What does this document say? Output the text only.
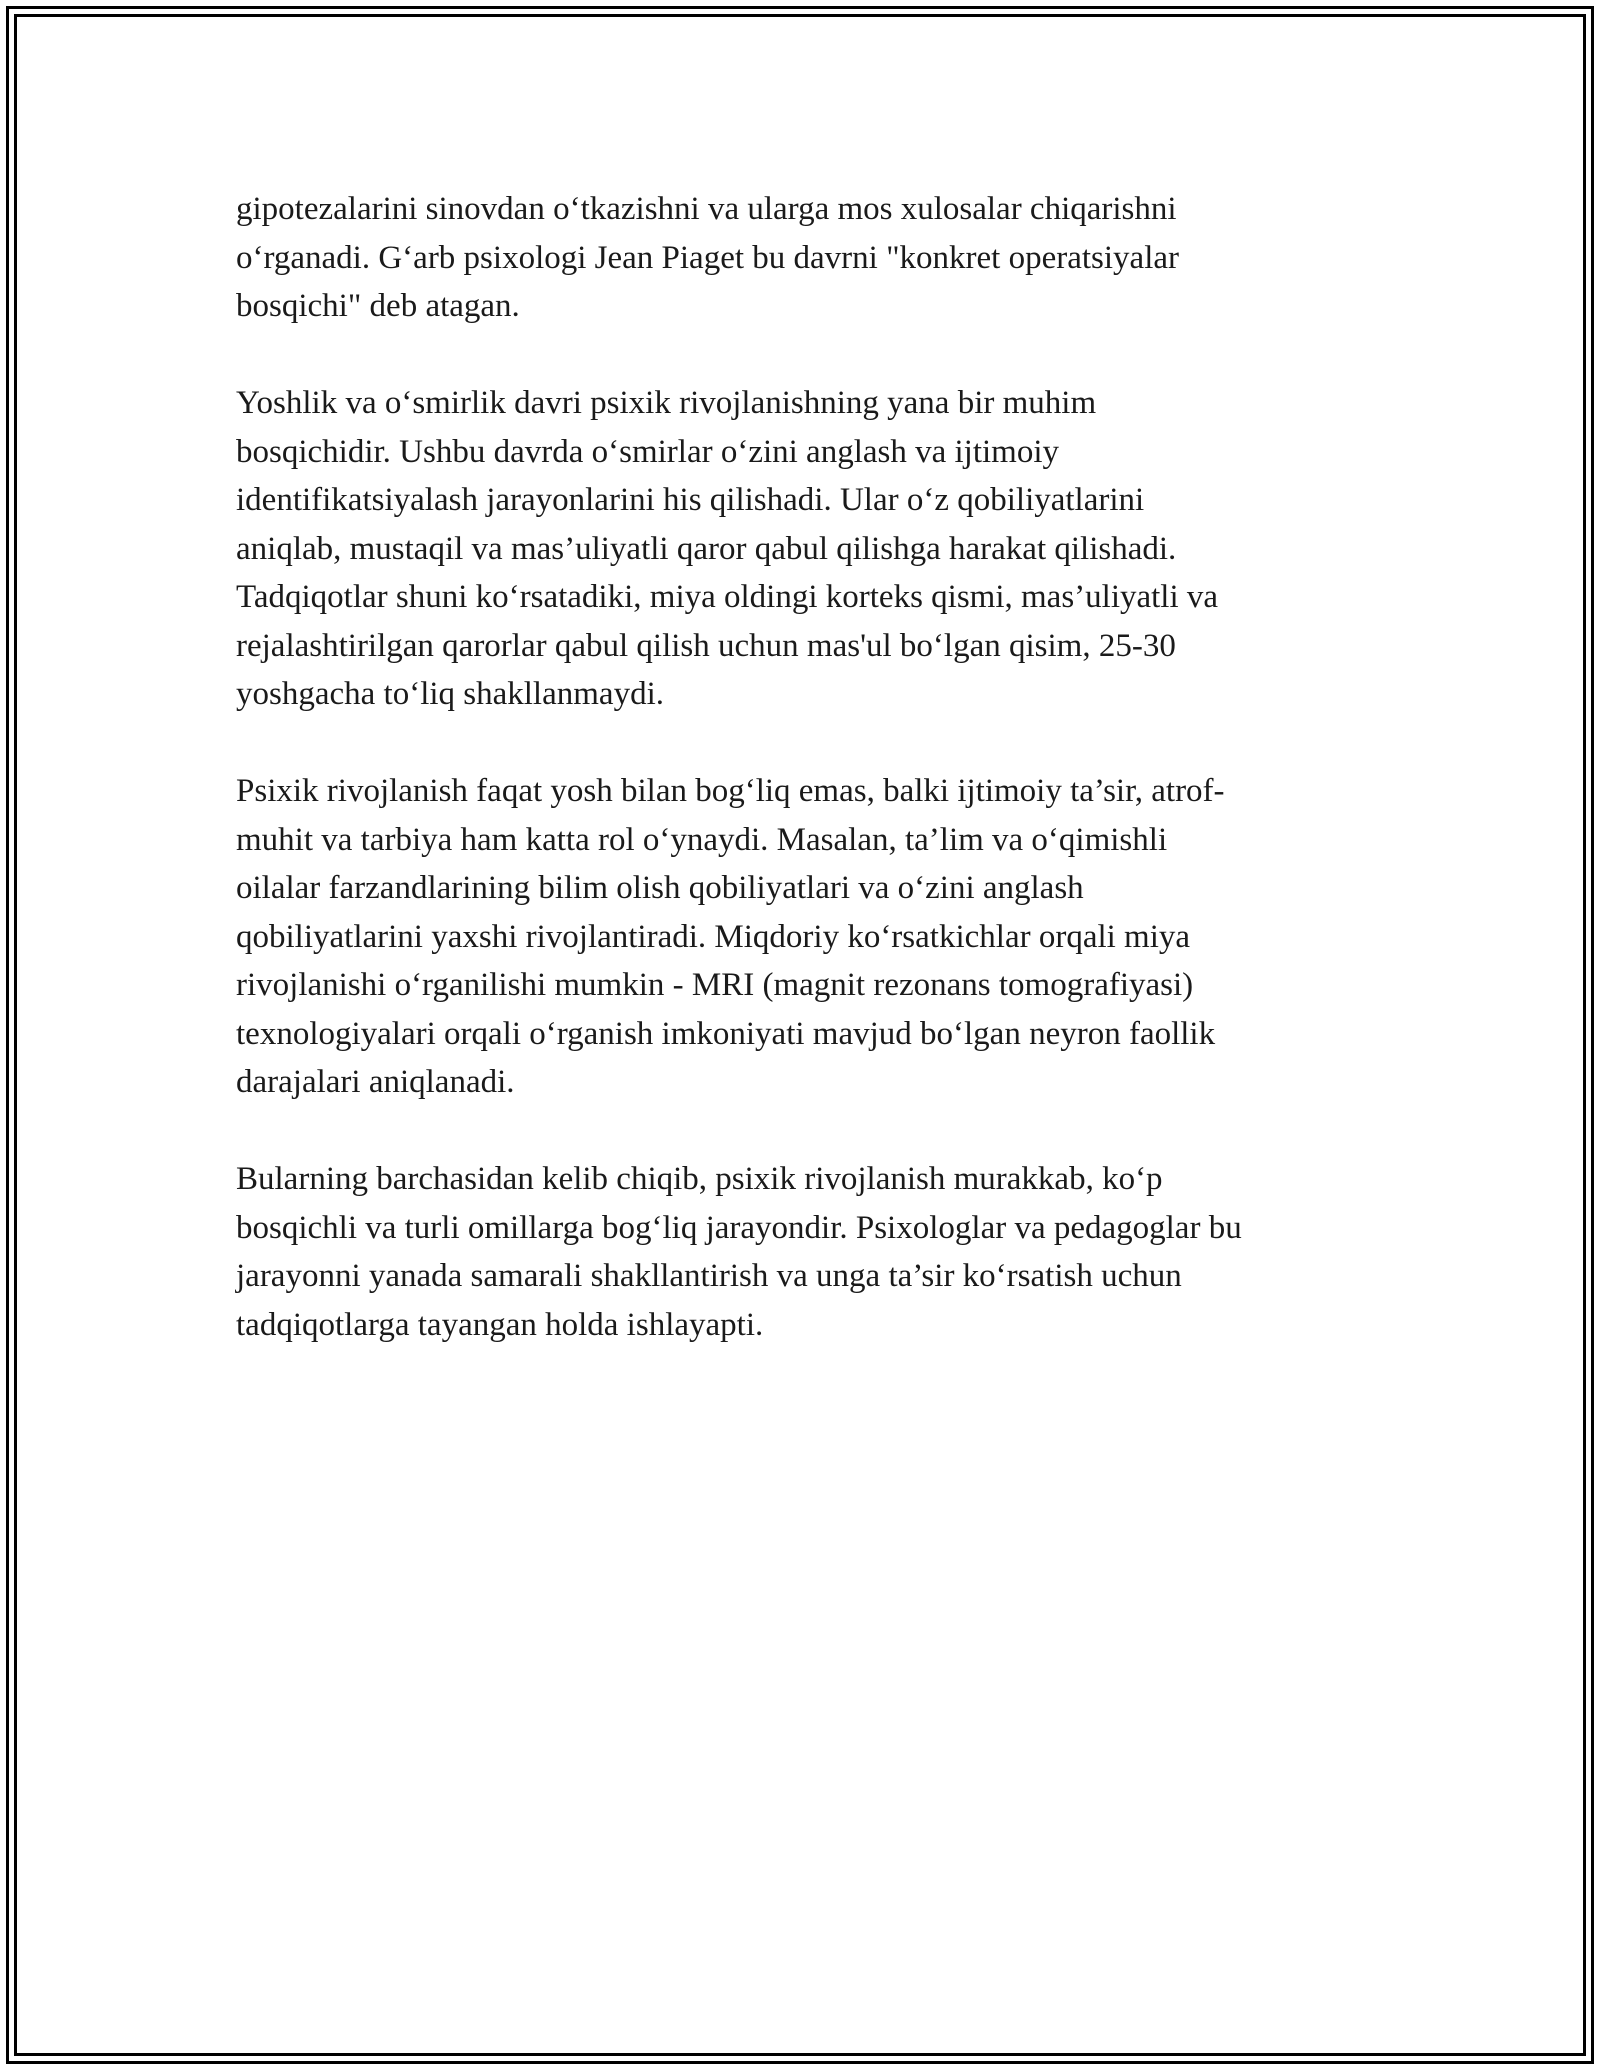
gipotezalarini sinovdan oʻtkazishni va ularga mos xulosalar chiqarishni
oʻrganadi. Gʻarb psixologi Jean Piaget bu davrni "konkret operatsiyalar
bosqichi" deb atagan.

Yoshlik va oʻsmirlik davri psixik rivojlanishning yana bir muhim
bosqichidir. Ushbu davrda oʻsmirlar oʻzini anglash va ijtimoiy
identifikatsiyalash jarayonlarini his qilishadi. Ular oʻz qobiliyatlarini
aniqlab, mustaqil va mas’uliyatli qaror qabul qilishga harakat qilishadi.
Tadqiqotlar shuni koʻrsatadiki, miya oldingi korteks qismi, mas’uliyatli va
rejalashtirilgan qarorlar qabul qilish uchun mas'ul boʻlgan qisim, 25-30
yoshgacha toʻliq shakllanmaydi.

Psixik rivojlanish faqat yosh bilan bogʻliq emas, balki ijtimoiy ta’sir, atrof-
muhit va tarbiya ham katta rol oʻynaydi. Masalan, ta’lim va oʻqimishli
oilalar farzandlarining bilim olish qobiliyatlari va oʻzini anglash
qobiliyatlarini yaxshi rivojlantiradi. Miqdoriy koʻrsatkichlar orqali miya
rivojlanishi oʻrganilishi mumkin - MRI (magnit rezonans tomografiyasi)
texnologiyalari orqali oʻrganish imkoniyati mavjud boʻlgan neyron faollik
darajalari aniqlanadi.

Bularning barchasidan kelib chiqib, psixik rivojlanish murakkab, koʻp
bosqichli va turli omillarga bogʻliq jarayondir. Psixologlar va pedagoglar bu
jarayonni yanada samarali shakllantirish va unga ta’sir koʻrsatish uchun
tadqiqotlarga tayangan holda ishlayapti.
